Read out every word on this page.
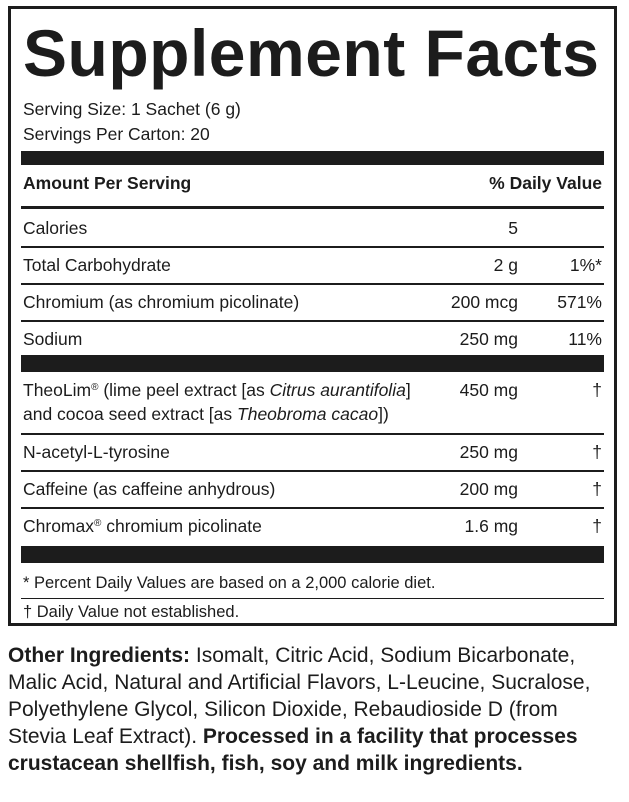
Supplement Facts
Serving Size: 1 Sachet (6 g)
Servings Per Carton: 20
Amount Per Serving	% Daily Value
Calories	5
Total Carbohydrate	2 g	1%*
Chromium (as chromium picolinate)	200 mcg 571%
Sodium	250 mg	11%
TheoLim® (lime peel extract [as Citrus aurantifolia]	450 mg	†
and cocoa seed extract [as Theobroma cacao])
N-acetyl-L-tyrosine	250 mg	†
Caffeine (as caffeine anhydrous)	200 mg	†
Chromax® chromium picolinate	1.6 mg	†
* Percent Daily Values are based on a 2,000 calorie diet.
† Daily Value not established.

Other Ingredients: Isomalt, Citric Acid, Sodium Bicarbonate, Malic Acid, Natural and Artificial Flavors, L-Leucine, Sucralose, Polyethylene Glycol, Silicon Dioxide, Rebaudioside D (from Stevia Leaf Extract). Processed in a facility that processes crustacean shellfish, fish, soy and milk ingredients.
